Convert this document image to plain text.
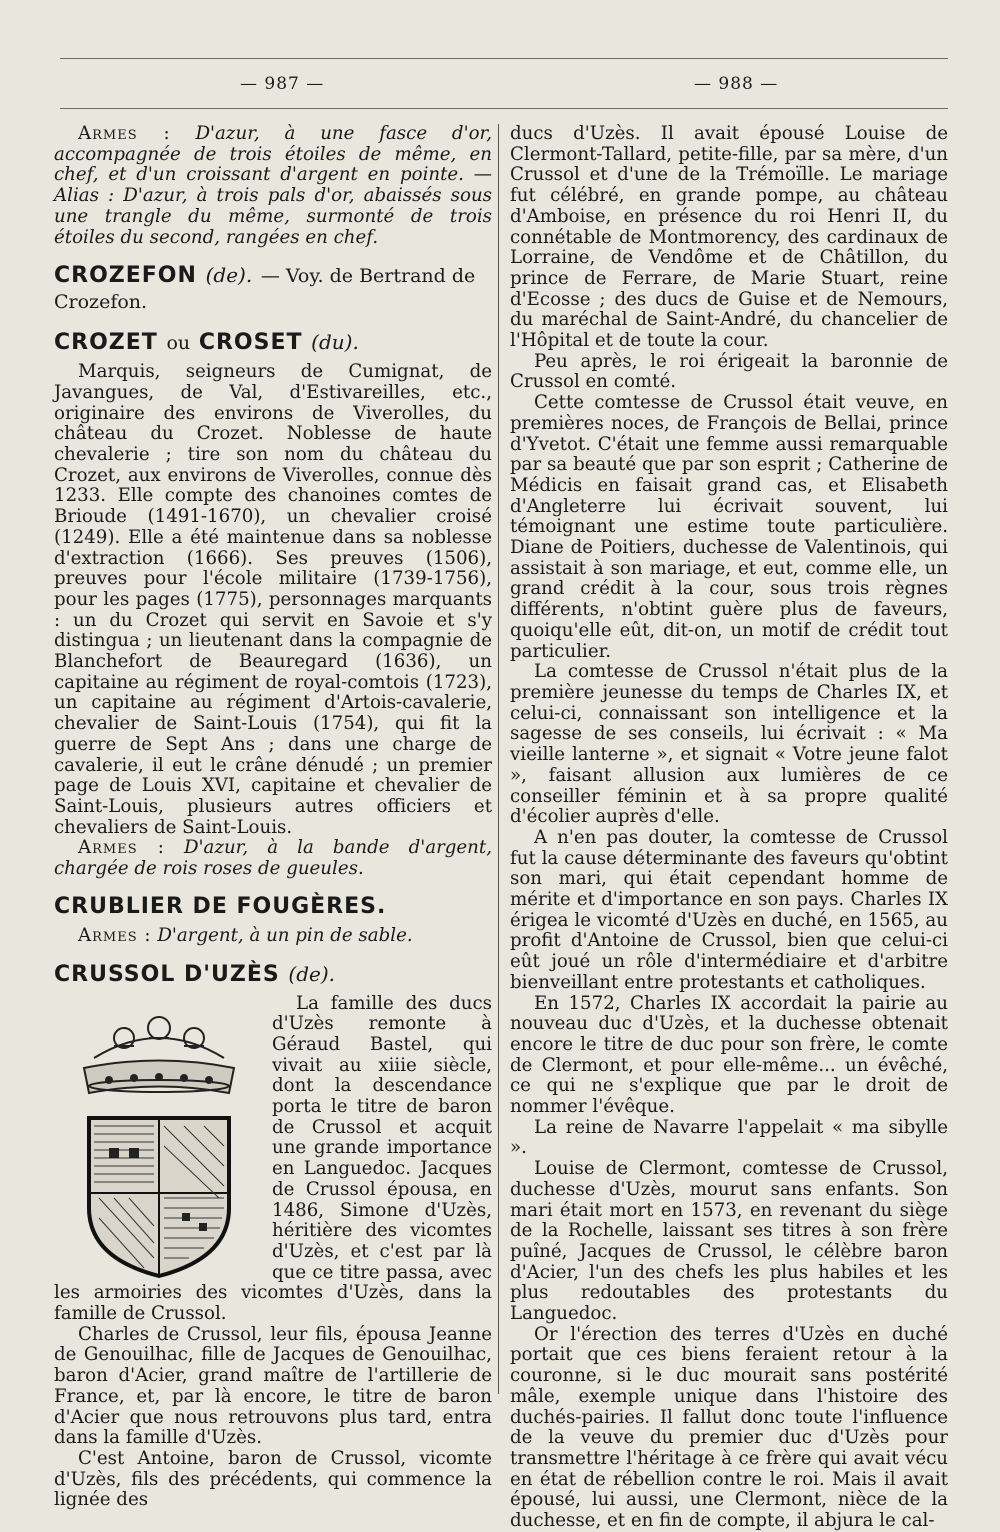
— 987 —	— 988 —

Armes : D'azur, à une fasce d'or, accompagnée de trois étoiles de même, en chef, et d'un croissant d'argent en pointe. — Alias : D'azur, à trois pals d'or, abaissés sous une trangle du même, surmonté de trois étoiles du second, rangées en chef.

CROZEFON (de). — Voy. de Bertrand de Crozefon.
CROZET ou CROSET (du).

Marquis, seigneurs de Cumignat, de Javangues, de Val, d'Estivareilles, etc., originaire des environs de Viverolles, du château du Crozet. Noblesse de haute chevalerie ; tire son nom du château du Crozet, aux environs de Viverolles, connue dès 1233. Elle compte des chanoines comtes de Brioude (1491-1670), un chevalier croisé (1249). Elle a été maintenue dans sa noblesse d'extraction (1666). Ses preuves (1506), preuves pour l'école militaire (1739-1756), pour les pages (1775), personnages marquants : un du Crozet qui servit en Savoie et s'y distingua ; un lieutenant dans la compagnie de Blanchefort de Beauregard (1636), un capitaine au régiment de royal-comtois (1723), un capitaine au régiment d'Artois-cavalerie, chevalier de Saint-Louis (1754), qui fit la guerre de Sept Ans ; dans une charge de cavalerie, il eut le crâne dénudé ; un premier page de Louis XVI, capitaine et chevalier de Saint-Louis, plusieurs autres officiers et chevaliers de Saint-Louis.

Armes : D'azur, à la bande d'argent, chargée de rois roses de gueules.

CRUBLIER DE FOUGÈRES.

Armes : D'argent, à un pin de sable.

CRUSSOL D'UZÈS (de).

La famille des ducs d'Uzès remonte à Géraud Bastel, qui vivait au xiiie siècle, dont la descendance porta le titre de baron de Crussol et acquit une grande importance en Languedoc. Jacques de Crussol épousa, en 1486, Simone d'Uzès, héritière des vicomtes d'Uzès, et c'est par là que ce titre passa, avec les armoiries des vicomtes d'Uzès, dans la famille de Crussol.

Charles de Crussol, leur fils, épousa Jeanne de Genouilhac, fille de Jacques de Genouilhac, baron d'Acier, grand maître de l'artillerie de France, et, par là encore, le titre de baron d'Acier que nous retrouvons plus tard, entra dans la famille d'Uzès.

C'est Antoine, baron de Crussol, vicomte d'Uzès, fils des précédents, qui commence la lignée des

ducs d'Uzès. Il avait épousé Louise de Clermont-Tallard, petite-fille, par sa mère, d'un Crussol et d'une de la Trémoïlle. Le mariage fut célébré, en grande pompe, au château d'Amboise, en présence du roi Henri II, du connétable de Montmorency, des cardinaux de Lorraine, de Vendôme et de Châtillon, du prince de Ferrare, de Marie Stuart, reine d'Ecosse ; des ducs de Guise et de Nemours, du maréchal de Saint-André, du chancelier de l'Hôpital et de toute la cour.

Peu après, le roi érigeait la baronnie de Crussol en comté.

Cette comtesse de Crussol était veuve, en premières noces, de François de Bellai, prince d'Yvetot. C'était une femme aussi remarquable par sa beauté que par son esprit ; Catherine de Médicis en faisait grand cas, et Elisabeth d'Angleterre lui écrivait souvent, lui témoignant une estime toute particulière. Diane de Poitiers, duchesse de Valentinois, qui assistait à son mariage, et eut, comme elle, un grand crédit à la cour, sous trois règnes différents, n'obtint guère plus de faveurs, quoiqu'elle eût, dit-on, un motif de crédit tout particulier.

La comtesse de Crussol n'était plus de la première jeunesse du temps de Charles IX, et celui-ci, connaissant son intelligence et la sagesse de ses conseils, lui écrivait : « Ma vieille lanterne », et signait « Votre jeune falot », faisant allusion aux lumières de ce conseiller féminin et à sa propre qualité d'écolier auprès d'elle.

A n'en pas douter, la comtesse de Crussol fut la cause déterminante des faveurs qu'obtint son mari, qui était cependant homme de mérite et d'importance en son pays. Charles IX érigea le vicomté d'Uzès en duché, en 1565, au profit d'Antoine de Crussol, bien que celui-ci eût joué un rôle d'intermédiaire et d'arbitre bienveillant entre protestants et catholiques.

En 1572, Charles IX accordait la pairie au nouveau duc d'Uzès, et la duchesse obtenait encore le titre de duc pour son frère, le comte de Clermont, et pour elle-même... un évêché, ce qui ne s'explique que par le droit de nommer l'évêque.

La reine de Navarre l'appelait « ma sibylle ».

Louise de Clermont, comtesse de Crussol, duchesse d'Uzès, mourut sans enfants. Son mari était mort en 1573, en revenant du siège de la Rochelle, laissant ses titres à son frère puîné, Jacques de Crussol, le célèbre baron d'Acier, l'un des chefs les plus habiles et les plus redoutables des protestants du Languedoc.

Or l'érection des terres d'Uzès en duché portait que ces biens feraient retour à la couronne, si le duc mourait sans postérité mâle, exemple unique dans l'histoire des duchés-pairies. Il fallut donc toute l'influence de la veuve du premier duc d'Uzès pour transmettre l'héritage à ce frère qui avait vécu en état de rébellion contre le roi. Mais il avait épousé, lui aussi, une Clermont, nièce de la duchesse, et en fin de compte, il abjura le cal-
